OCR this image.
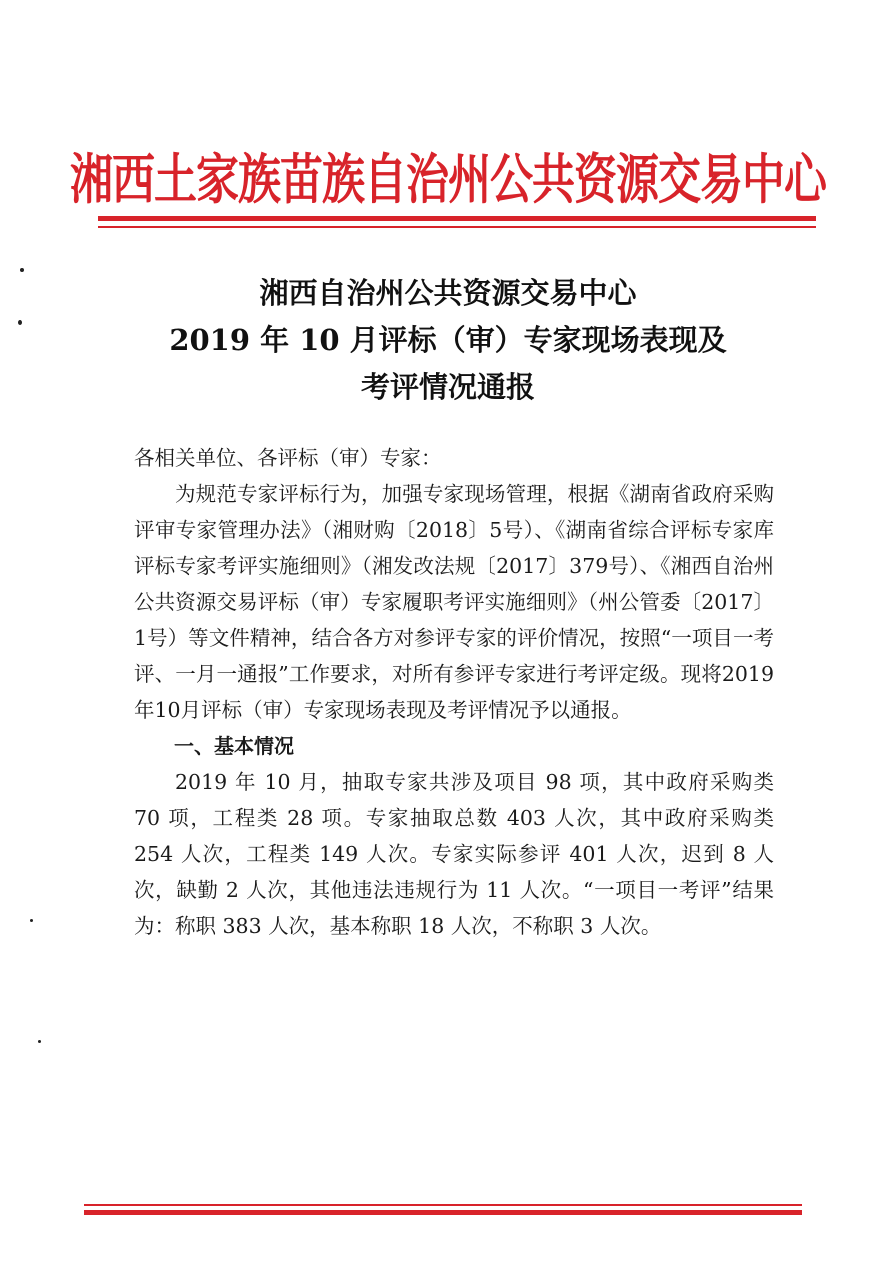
湘西土家族苗族自治州公共资源交易中心
湘西自治州公共资源交易中心
2019 年 10 月评标（审）专家现场表现及
考评情况通报

各相关单位、各评标（审）专家：

为规范专家评标行为，加强专家现场管理，根据《湖南省政府采购评审专家管理办法》（湘财购〔2018〕5号）、《湖南省综合评标专家库评标专家考评实施细则》（湘发改法规〔2017〕379号）、《湘西自治州公共资源交易评标（审）专家履职考评实施细则》（州公管委〔2017〕1号）等文件精神，结合各方对参评专家的评价情况，按照“一项目一考评、一月一通报”工作要求，对所有参评专家进行考评定级。现将2019年10月评标（审）专家现场表现及考评情况予以通报。

一、基本情况

2019 年 10 月，抽取专家共涉及项目 98 项，其中政府采购类 70 项，工程类 28 项。专家抽取总数 403 人次，其中政府采购类 254 人次，工程类 149 人次。专家实际参评 401 人次，迟到 8 人次，缺勤 2 人次，其他违法违规行为 11 人次。“一项目一考评”结果为：称职 383 人次，基本称职 18 人次，不称职 3 人次。
